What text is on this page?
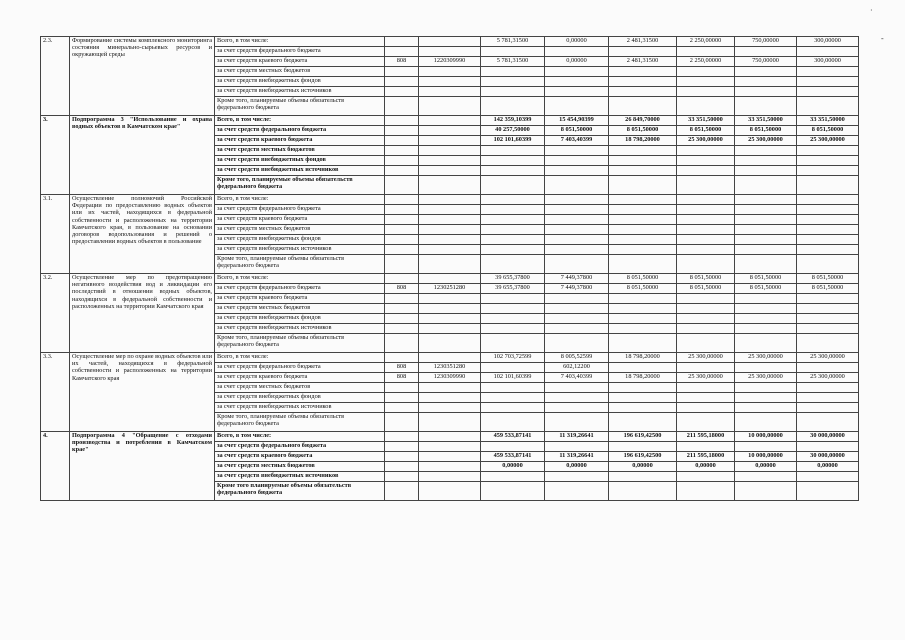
·
-
2.3.	Формирование системы комплексного мониторинга состояния минерально-сырьевых ресурсов и окружающей среды	Всего, в том числе:			5 781,31500	0,00000	2 481,31500	2 250,00000	750,00000	300,00000
		за счет средств федерального бюджета								
		за счет средств краевого бюджета	808	1220309990	5 781,31500	0,00000	2 481,31500	2 250,00000	750,00000	300,00000
		за счет средств местных бюджетов								
		за счет средств внебюджетных фондов								
		за счет средств внебюджетных источников								
		Кроме того, планируемые объемы обязательств федерального бюджета								
3.	Подпрограмма 3 "Использование и охрана водных объектов в Камчатском крае"	Всего, в том числе:			142 359,10399	15 454,90399	26 849,70000	33 351,50000	33 351,50000	33 351,50000
		за счет средств федерального бюджета			40 257,50000	8 051,50000	8 051,50000	8 051,50000	8 051,50000	8 051,50000
		за счет средств краевого бюджета			102 101,60399	7 403,40399	18 798,20000	25 300,00000	25 300,00000	25 300,00000
		за счет средств местных бюджетов								
		за счет средств внебюджетных фондов								
		за счет средств внебюджетных источников								
		Кроме того, планируемые объемы обязательств федерального бюджета								
3.1.	Осуществление полномочий Российской Федерации по предоставлению водных объектов или их частей, находящихся в федеральной собственности и расположенных на территории Камчатского края, в пользование на основании договоров водопользования и решений о предоставлении водных объектов в пользование	Всего, в том числе:								
		за счет средств федерального бюджета								
		за счет средств краевого бюджета								
		за счет средств местных бюджетов								
		за счет средств внебюджетных фондов								
		за счет средств внебюджетных источников								
		Кроме того, планируемые объемы обязательств федерального бюджета								
3.2.	Осуществление мер по предотвращению негативного воздействия вод и ликвидации его последствий в отношении водных объектов, находящихся в федеральной собственности и расположенных на территории Камчатского края	Всего, в том числе:			39 655,37800	7 449,37800	8 051,50000	8 051,50000	8 051,50000	8 051,50000
		за счет средств федерального бюджета	808	1230251280	39 655,37800	7 449,37800	8 051,50000	8 051,50000	8 051,50000	8 051,50000
		за счет средств краевого бюджета								
		за счет средств местных бюджетов								
		за счет средств внебюджетных фондов								
		за счет средств внебюджетных источников								
		Кроме того, планируемые объемы обязательств федерального бюджета								
3.3.	Осуществление мер по охране водных объектов или их частей, находящихся в федеральной собственности и расположенных на территории Камчатского края	Всего, в том числе:			102 703,72599	8 005,52599	18 798,20000	25 300,00000	25 300,00000	25 300,00000
		за счет средств федерального бюджета	808	1230351280		602,12200				
		за счет средств краевого бюджета	808	1230309990	102 101,60399	7 403,40399	18 798,20000	25 300,00000	25 300,00000	25 300,00000
		за счет средств местных бюджетов								
		за счет средств внебюджетных фондов								
		за счет средств внебюджетных источников								
		Кроме того, планируемые объемы обязательств федерального бюджета								
4.	Подпрограмма 4 "Обращение с отходами производства и потребления в Камчатском крае"	Всего, в том числе:			459 533,87141	11 319,26641	196 619,42500	211 595,18000	10 000,00000	30 000,00000
		за счет средств федерального бюджета								
		за счет средств краевого бюджета			459 533,87141	11 319,26641	196 619,42500	211 595,18000	10 000,00000	30 000,00000
		за счет средств местных бюджетов			0,00000	0,00000	0,00000	0,00000	0,00000	0,00000
		за счет средств внебюджетных источников								
		Кроме того планируемые объемы обязательств федерального бюджета								
